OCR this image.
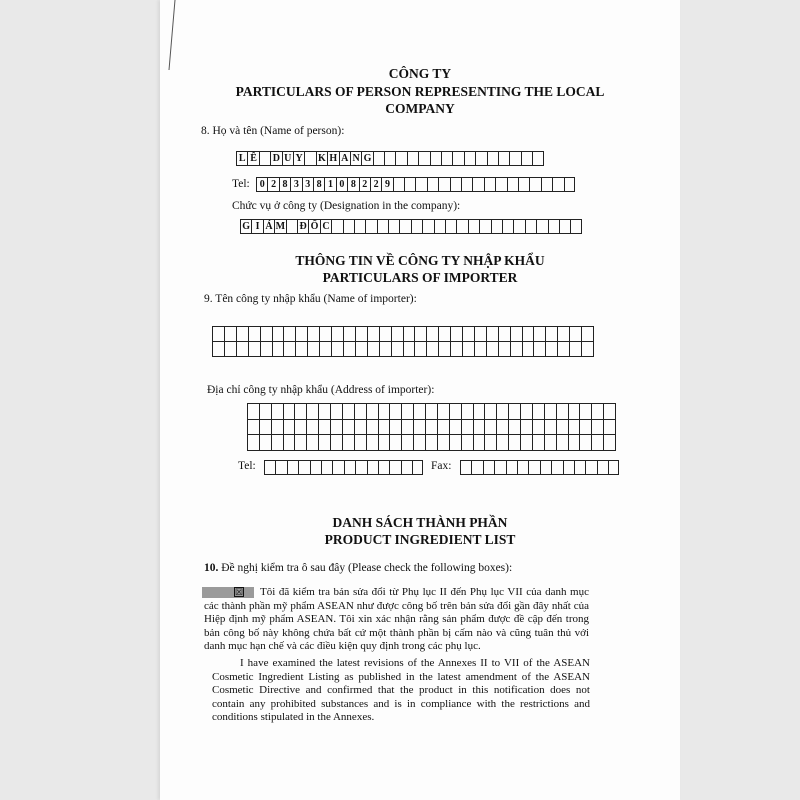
CÔNG TY
PARTICULARS OF PERSON REPRESENTING THE LOCAL
COMPANY
8. Họ và tên (Name of person):
L Ê D U Y K H A N G
Tel: 0 2 8 3 3 8 1 0 8 2 2 9
Chức vụ ở công ty (Designation in the company):
G I Á M Đ Ố C
THÔNG TIN VỀ CÔNG TY NHẬP KHẨU
PARTICULARS OF IMPORTER
9. Tên công ty nhập khẩu (Name of importer):
Địa chỉ công ty nhập khẩu (Address of importer):
Tel:	Fax:
DANH SÁCH THÀNH PHẦN
PRODUCT INGREDIENT LIST
10. Đề nghị kiểm tra ô sau đây (Please check the following boxes):
☒	Tôi đã kiểm tra bản sửa đổi từ Phụ lục II đến Phụ lục VII của danh mục các thành phần mỹ phẩm ASEAN như được công bố trên bản sửa đổi gần đây nhất của Hiệp định mỹ phẩm ASEAN. Tôi xin xác nhận rằng sản phẩm được đề cập đến trong bản công bố này không chứa bất cứ một thành phần bị cấm nào và cũng tuân thủ với danh mục hạn chế và các điều kiện quy định trong các phụ lục.
I have examined the latest revisions of the Annexes II to VII of the ASEAN Cosmetic Ingredient Listing as published in the latest amendment of the ASEAN Cosmetic Directive and confirmed that the product in this notification does not contain any prohibited substances and is in compliance with the restrictions and conditions stipulated in the Annexes.
